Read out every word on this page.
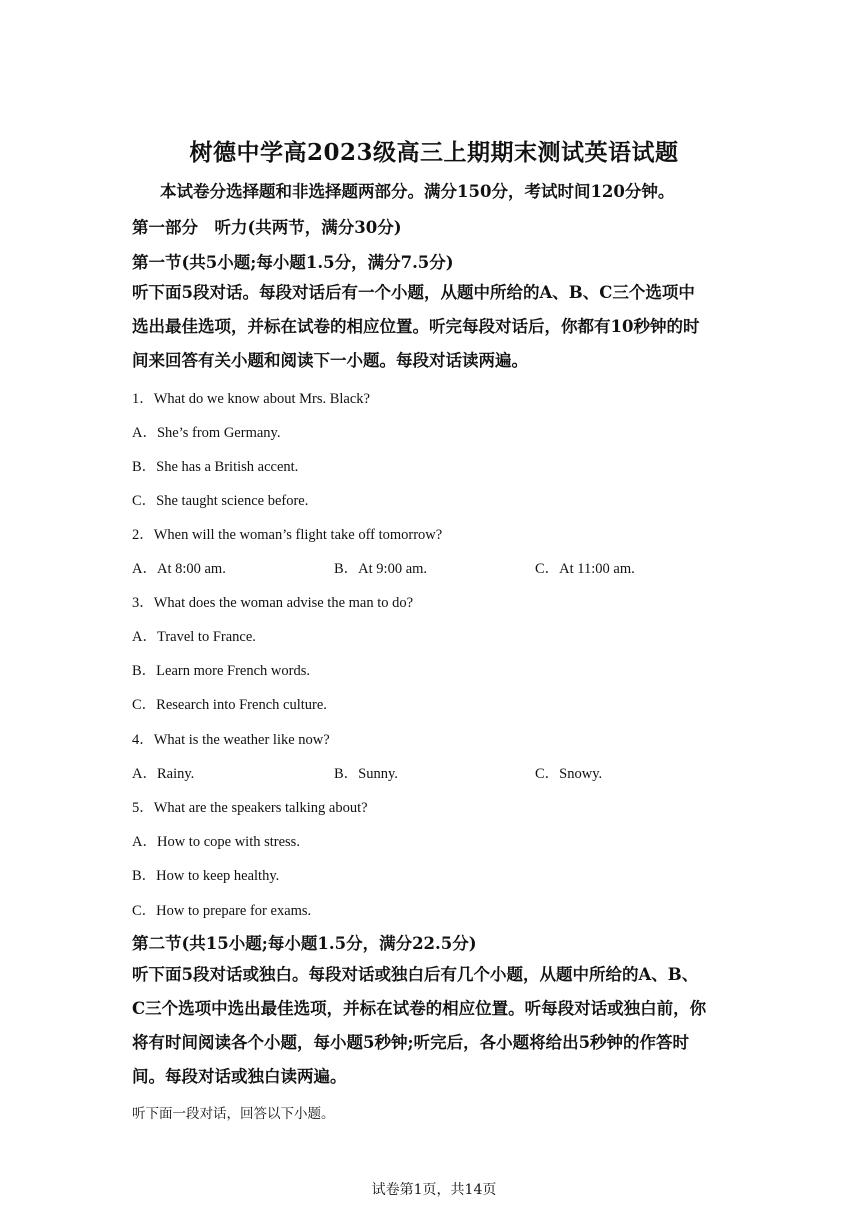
树德中学高2023级高三上期期末测试英语试题
本试卷分选择题和非选择题两部分。满分150分，考试时间120分钟。
第一部分　听力(共两节，满分30分)
第一节(共5小题;每小题1.5分，满分7.5分)
听下面5段对话。每段对话后有一个小题，从题中所给的A、B、C三个选项中
选出最佳选项，并标在试卷的相应位置。听完每段对话后，你都有10秒钟的时
间来回答有关小题和阅读下一小题。每段对话读两遍。
1．What do we know about Mrs. Black?
A．She’s from Germany.
B．She has a British accent.
C．She taught science before.
2．When will the woman’s flight take off tomorrow?
A．At 8:00 am.	B．At 9:00 am.	C．At 11:00 am.
3．What does the woman advise the man to do?
A．Travel to France.
B．Learn more French words.
C．Research into French culture.
4．What is the weather like now?
A．Rainy.	B．Sunny.	C．Snowy.
5．What are the speakers talking about?
A．How to cope with stress.
B．How to keep healthy.
C．How to prepare for exams.
第二节(共15小题;每小题1.5分，满分22.5分)
听下面5段对话或独白。每段对话或独白后有几个小题，从题中所给的A、B、
C三个选项中选出最佳选项，并标在试卷的相应位置。听每段对话或独白前，你
将有时间阅读各个小题，每小题5秒钟;听完后，各小题将给出5秒钟的作答时
间。每段对话或独白读两遍。
听下面一段对话，回答以下小题。
试卷第1页，共14页
